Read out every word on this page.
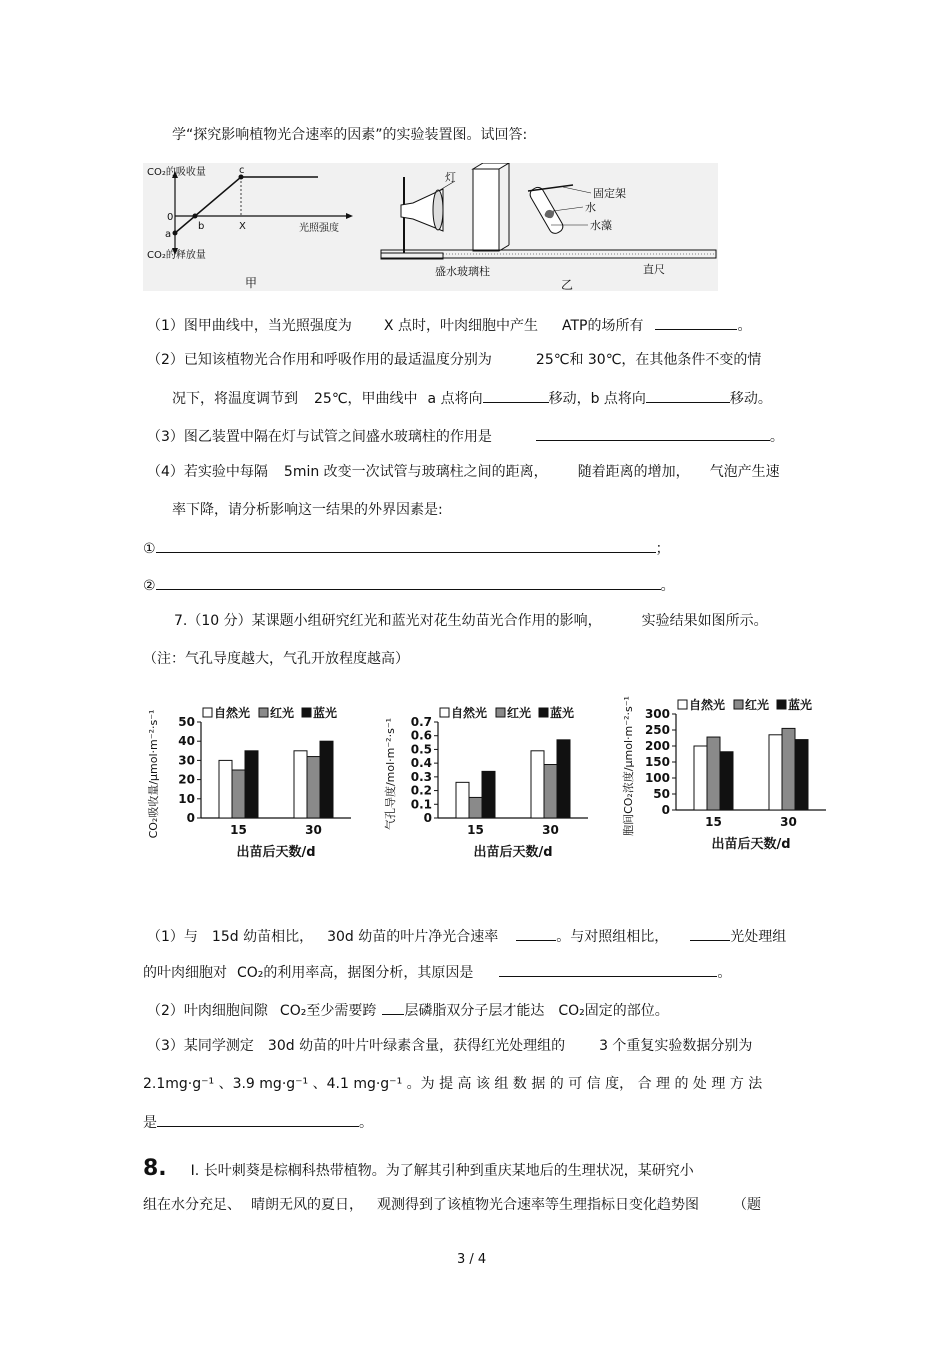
学“探究影响植物光合速率的因素”的实验装置图。试回答:
CO₂的吸收量
CO₂的释放量
光照强度
a
b
c
X
0
甲
灯
盛水玻璃柱	直尺
固定架
水
水藻
乙
（1）图甲曲线中，当光照强度为 X 点时，叶肉细胞中产生 ATP的场所有	。
（2）已知该植物光合作用和呼吸作用的最适温度分别为	25℃和 30℃，在其他条件不变的情
况下，将温度调节到 25℃，甲曲线中 a 点将向	移动，b 点将向	移动。
（3）图乙装置中隔在灯与试管之间盛水玻璃柱的作用是	。
（4）若实验中每隔 5min 改变一次试管与玻璃柱之间的距离， 随着距离的增加， 气泡产生速
率下降，请分析影响这一结果的外界因素是:
①	；
②	。
7.（10 分）某课题小组研究红光和蓝光对花生幼苗光合作用的影响，	实验结果如图所示。
（注：气孔导度越大，气孔开放程度越高）
自然光 红光 蓝光
0
10
20
30
40
50
CO₂吸收量/μmol·m⁻²·s⁻¹	15	30
出苗后天数/d
自然光 红光 蓝光
0
0.1
0.2
0.3
0.4
0.5
0.6
0.7
气孔导度/mol·m⁻²·s⁻¹	15	30
出苗后天数/d
自然光 红光 蓝光
0
50
100
150
200
250
300
胞间CO₂浓度/μmol·m⁻²·s⁻¹	15	30
出苗后天数/d
（1）与 15d 幼苗相比， 30d 幼苗的叶片净光合速率	。与对照组相比，	光处理组
的叶肉细胞对 CO₂的利用率高，据图分析，其原因是	。
（2）叶肉细胞间隙 CO₂至少需要跨 层磷脂双分子层才能达 CO₂固定的部位。
（3）某同学测定 30d 幼苗的叶片叶绿素含量，获得红光处理组的 3 个重复实验数据分别为
2.1mg·g⁻¹ 、3.9 mg·g⁻¹ 、4.1 mg·g⁻¹ 。为 提 高 该 组 数 据 的 可 信 度， 合 理 的 处 理 方 法
是	。
8. Ⅰ. 长叶刺葵是棕榈科热带植物。为了解其引种到重庆某地后的生理状况，某研究小
组在水分充足、 晴朗无风的夏日， 观测得到了该植物光合速率等生理指标日变化趋势图 （题
3 / 4
